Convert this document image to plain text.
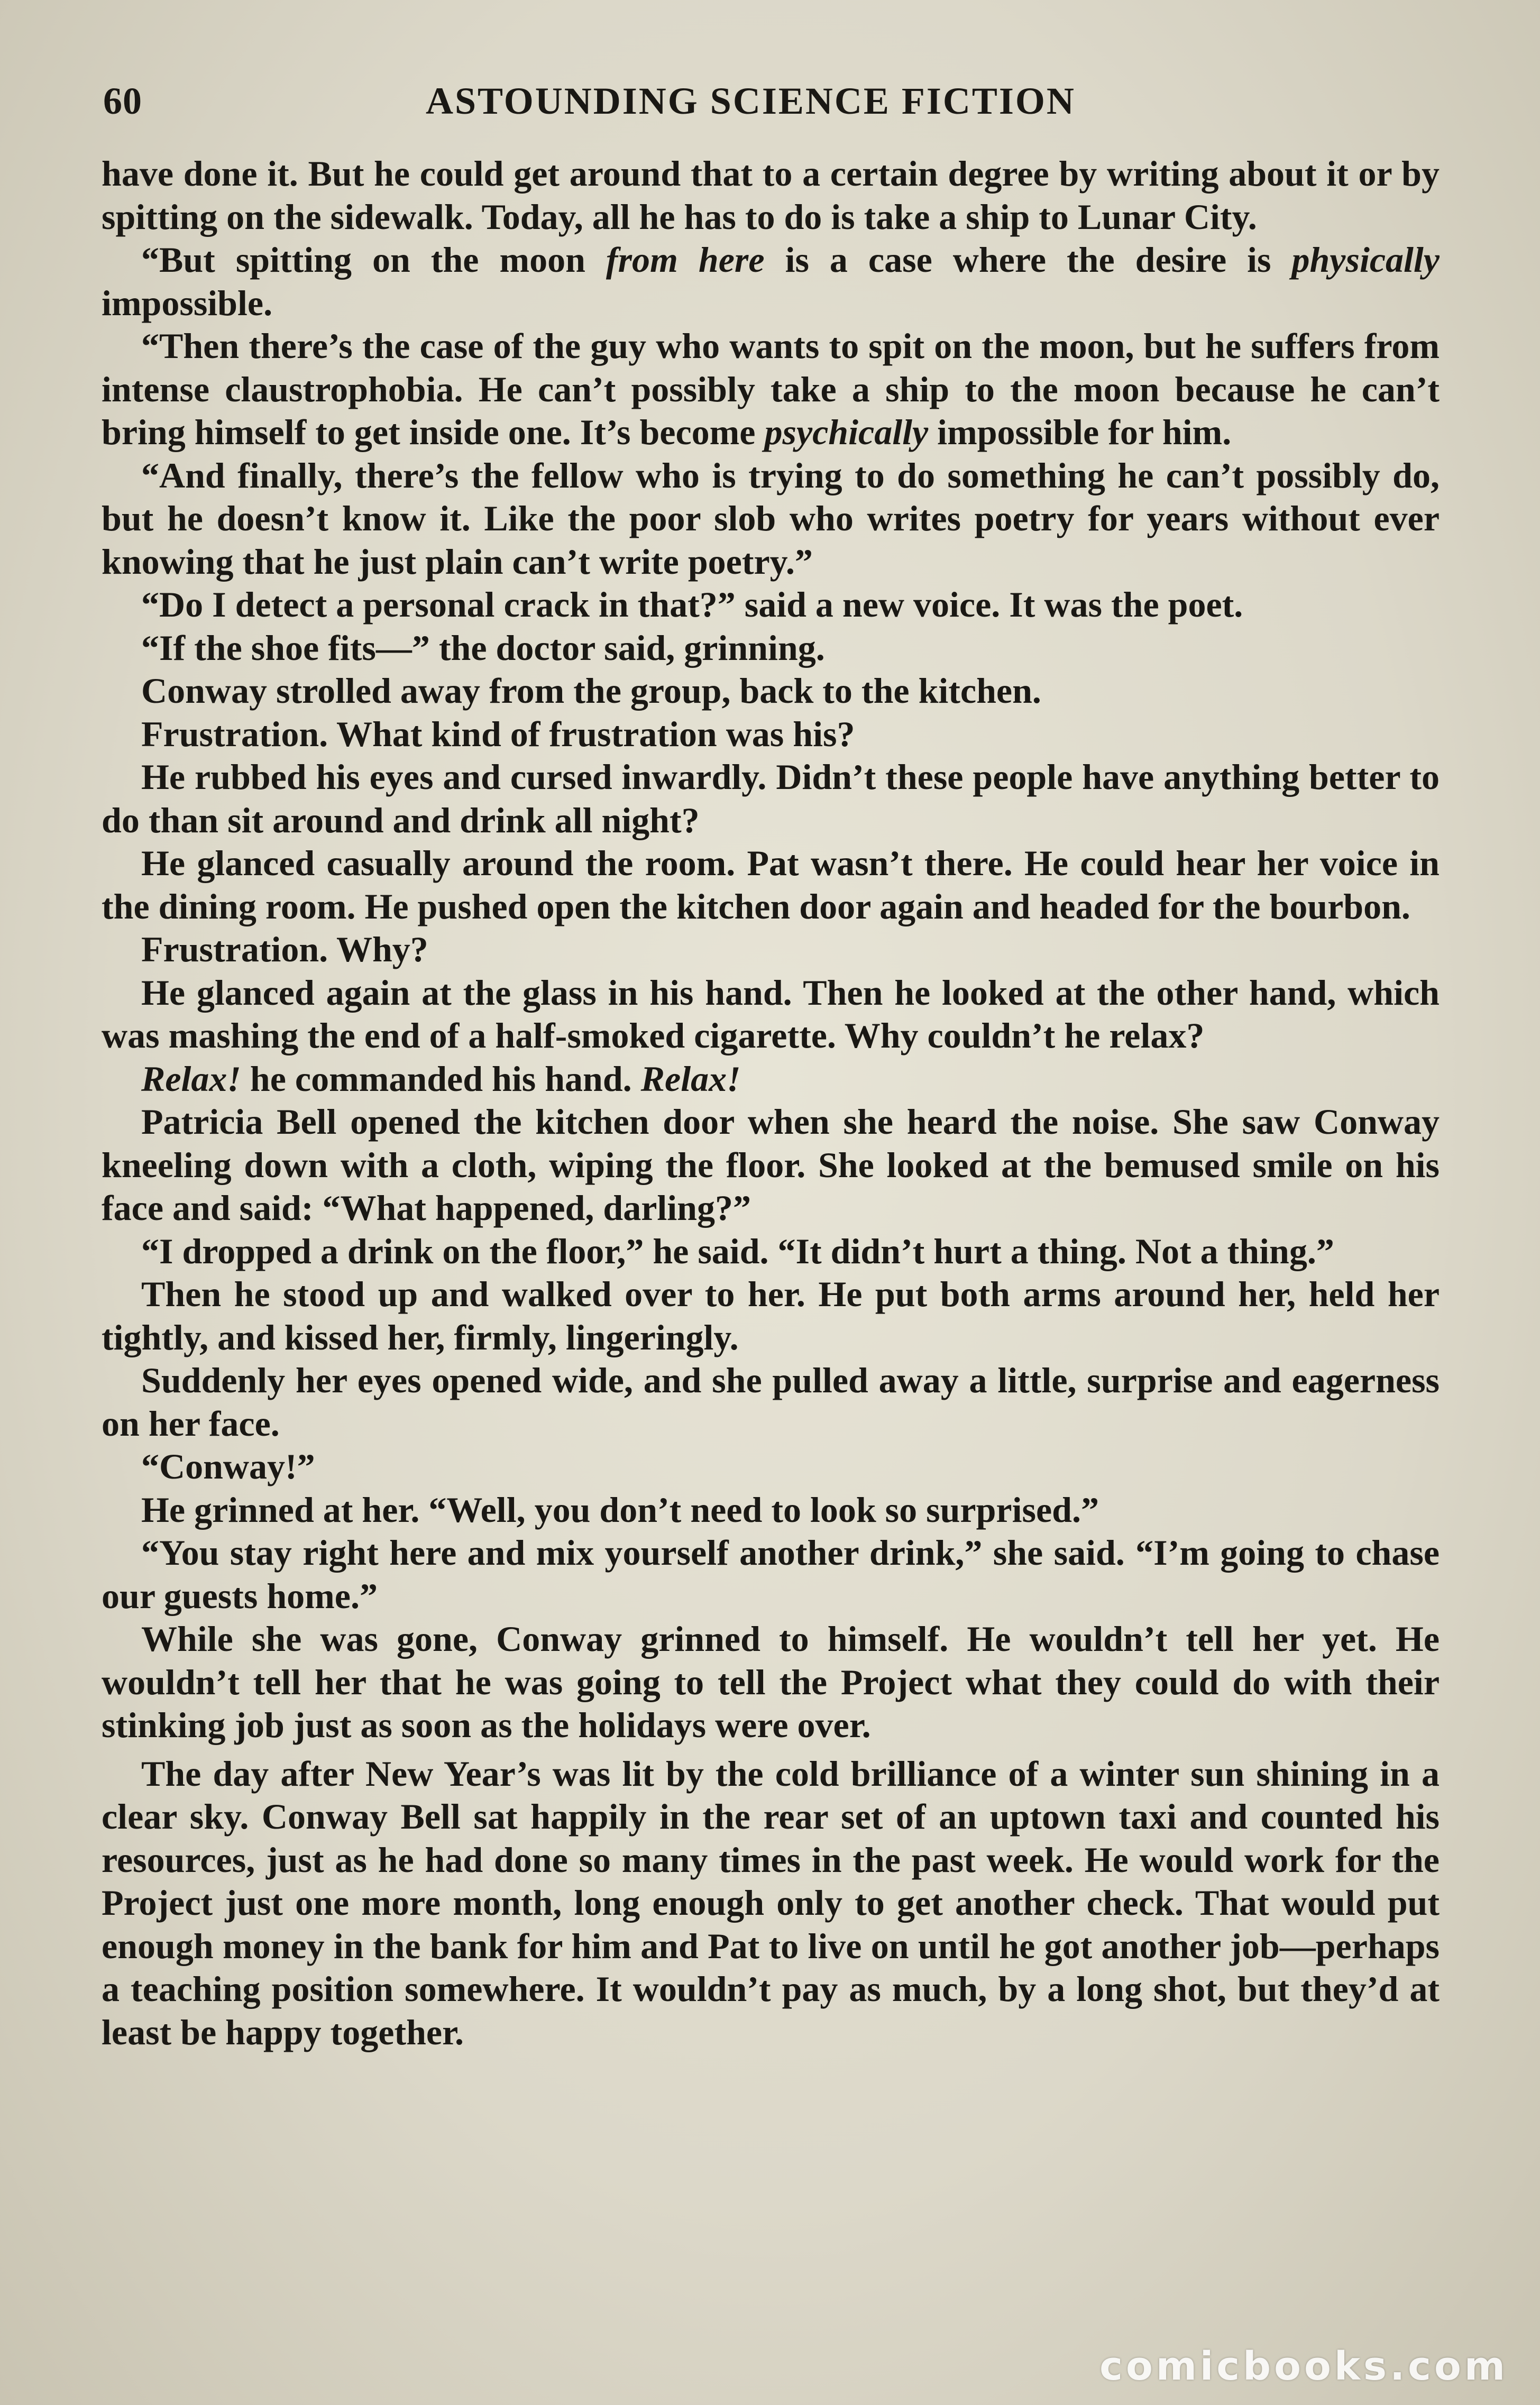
60	ASTOUNDING SCIENCE FICTION

have done it. But he could get around that to a certain degree by writing about it or by spitting on the sidewalk. Today, all he has to do is take a ship to Lunar City.

“But spitting on the moon from here is a case where the desire is physically impossible.

“Then there’s the case of the guy who wants to spit on the moon, but he suffers from intense claustrophobia. He can’t possibly take a ship to the moon because he can’t bring himself to get inside one. It’s become psychically impossible for him.

“And finally, there’s the fellow who is trying to do something he can’t possibly do, but he doesn’t know it. Like the poor slob who writes poetry for years without ever knowing that he just plain can’t write poetry.”

“Do I detect a personal crack in that?” said a new voice. It was the poet.

“If the shoe fits—” the doctor said, grinning.

Conway strolled away from the group, back to the kitchen.

Frustration. What kind of frustration was his?

He rubbed his eyes and cursed inwardly. Didn’t these people have anything better to do than sit around and drink all night?

He glanced casually around the room. Pat wasn’t there. He could hear her voice in the dining room. He pushed open the kitchen door again and headed for the bourbon.

Frustration. Why?

He glanced again at the glass in his hand. Then he looked at the other hand, which was mashing the end of a half-smoked cigarette. Why couldn’t he relax?

Relax! he commanded his hand. Relax!

Patricia Bell opened the kitchen door when she heard the noise. She saw Conway kneeling down with a cloth, wiping the floor. She looked at the bemused smile on his face and said: “What happened, darling?”

“I dropped a drink on the floor,” he said. “It didn’t hurt a thing. Not a thing.”

Then he stood up and walked over to her. He put both arms around her, held her tightly, and kissed her, firmly, lingeringly.

Suddenly her eyes opened wide, and she pulled away a little, surprise and eagerness on her face.

“Conway!”

He grinned at her. “Well, you don’t need to look so surprised.”

“You stay right here and mix yourself another drink,” she said. “I’m going to chase our guests home.”

While she was gone, Conway grinned to himself. He wouldn’t tell her yet. He wouldn’t tell her that he was going to tell the Project what they could do with their stinking job just as soon as the holidays were over.

The day after New Year’s was lit by the cold brilliance of a winter sun shining in a clear sky. Conway Bell sat happily in the rear set of an uptown taxi and counted his resources, just as he had done so many times in the past week. He would work for the Project just one more month, long enough only to get another check. That would put enough money in the bank for him and Pat to live on until he got another job—perhaps a teaching position somewhere. It wouldn’t pay as much, by a long shot, but they’d at least be happy together.

comicbooks.com
